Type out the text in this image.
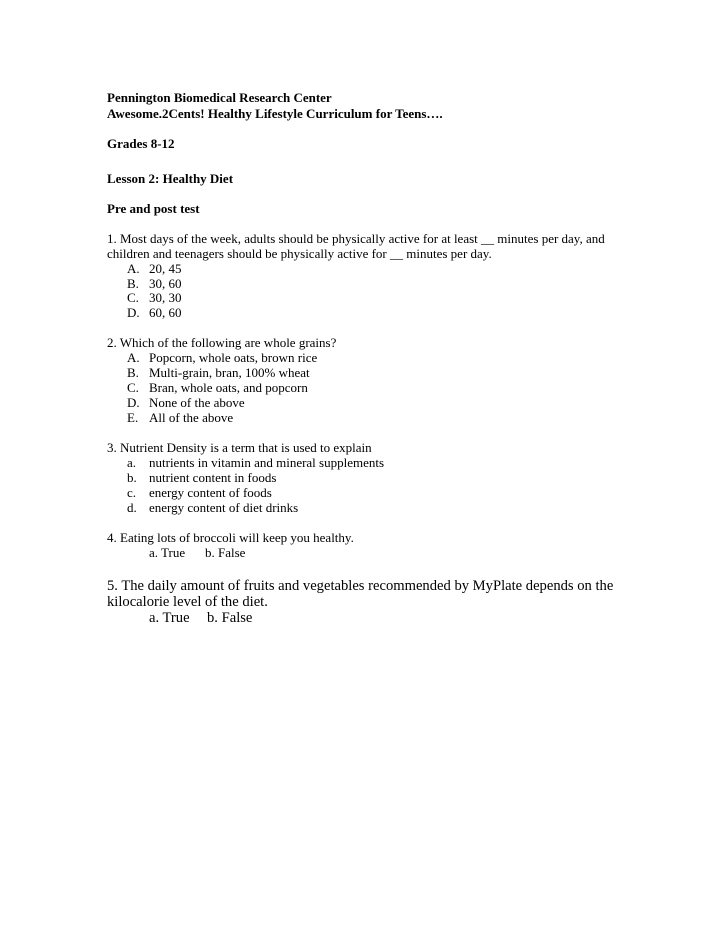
Pennington Biomedical Research Center
Awesome.2Cents! Healthy Lifestyle Curriculum for Teens….
Grades 8-12
Lesson 2: Healthy Diet
Pre and post test
1. Most days of the week, adults should be physically active for at least __ minutes per day, and
children and teenagers should be physically active for __ minutes per day.
A. 20, 45
B. 30, 60
C. 30, 30
D. 60, 60
2. Which of the following are whole grains?
A. Popcorn, whole oats, brown rice
B. Multi-grain, bran, 100% wheat
C. Bran, whole oats, and popcorn
D. None of the above
E. All of the above
3. Nutrient Density is a term that is used to explain
a. nutrients in vitamin and mineral supplements
b. nutrient content in foods
c. energy content of foods
d. energy content of diet drinks
4. Eating lots of broccoli will keep you healthy.
a. True b. False
5. The daily amount of fruits and vegetables recommended by MyPlate depends on the
kilocalorie level of the diet.
a. True b. False
